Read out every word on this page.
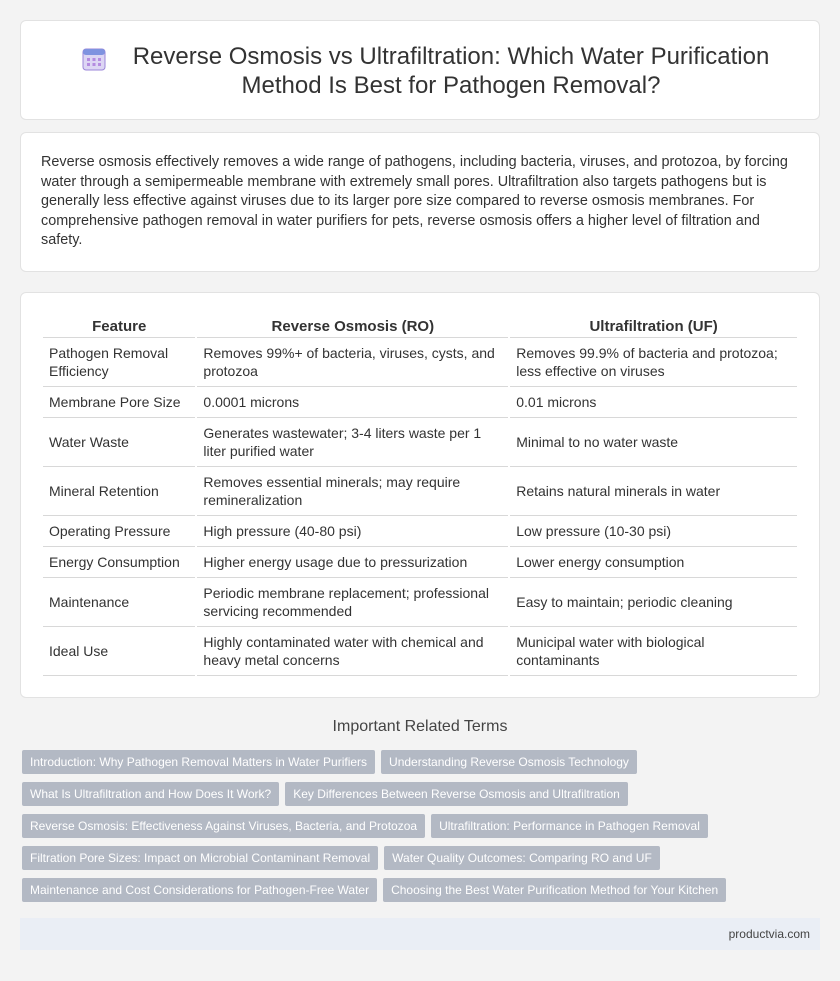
Reverse Osmosis vs Ultrafiltration: Which Water Purification Method Is Best for Pathogen Removal?

Reverse osmosis effectively removes a wide range of pathogens, including bacteria, viruses, and protozoa, by forcing water through a semipermeable membrane with extremely small pores. Ultrafiltration also targets pathogens but is generally less effective against viruses due to its larger pore size compared to reverse osmosis membranes. For comprehensive pathogen removal in water purifiers for pets, reverse osmosis offers a higher level of filtration and safety.

Feature	Reverse Osmosis (RO)	Ultrafiltration (UF)
Pathogen Removal Efficiency	Removes 99%+ of bacteria, viruses, cysts, and protozoa	Removes 99.9% of bacteria and protozoa; less effective on viruses
Membrane Pore Size	0.0001 microns	0.01 microns
Water Waste	Generates wastewater; 3-4 liters waste per 1 liter purified water	Minimal to no water waste
Mineral Retention	Removes essential minerals; may require remineralization	Retains natural minerals in water
Operating Pressure	High pressure (40-80 psi)	Low pressure (10-30 psi)
Energy Consumption	Higher energy usage due to pressurization	Lower energy consumption
Maintenance	Periodic membrane replacement; professional servicing recommended	Easy to maintain; periodic cleaning
Ideal Use	Highly contaminated water with chemical and heavy metal concerns	Municipal water with biological contaminants
Important Related Terms
Introduction: Why Pathogen Removal Matters in Water Purifiers	Understanding Reverse Osmosis Technology
What Is Ultrafiltration and How Does It Work?	Key Differences Between Reverse Osmosis and Ultrafiltration
Reverse Osmosis: Effectiveness Against Viruses, Bacteria, and Protozoa	Ultrafiltration: Performance in Pathogen Removal
Filtration Pore Sizes: Impact on Microbial Contaminant Removal	Water Quality Outcomes: Comparing RO and UF
Maintenance and Cost Considerations for Pathogen-Free Water	Choosing the Best Water Purification Method for Your Kitchen
productvia.com
